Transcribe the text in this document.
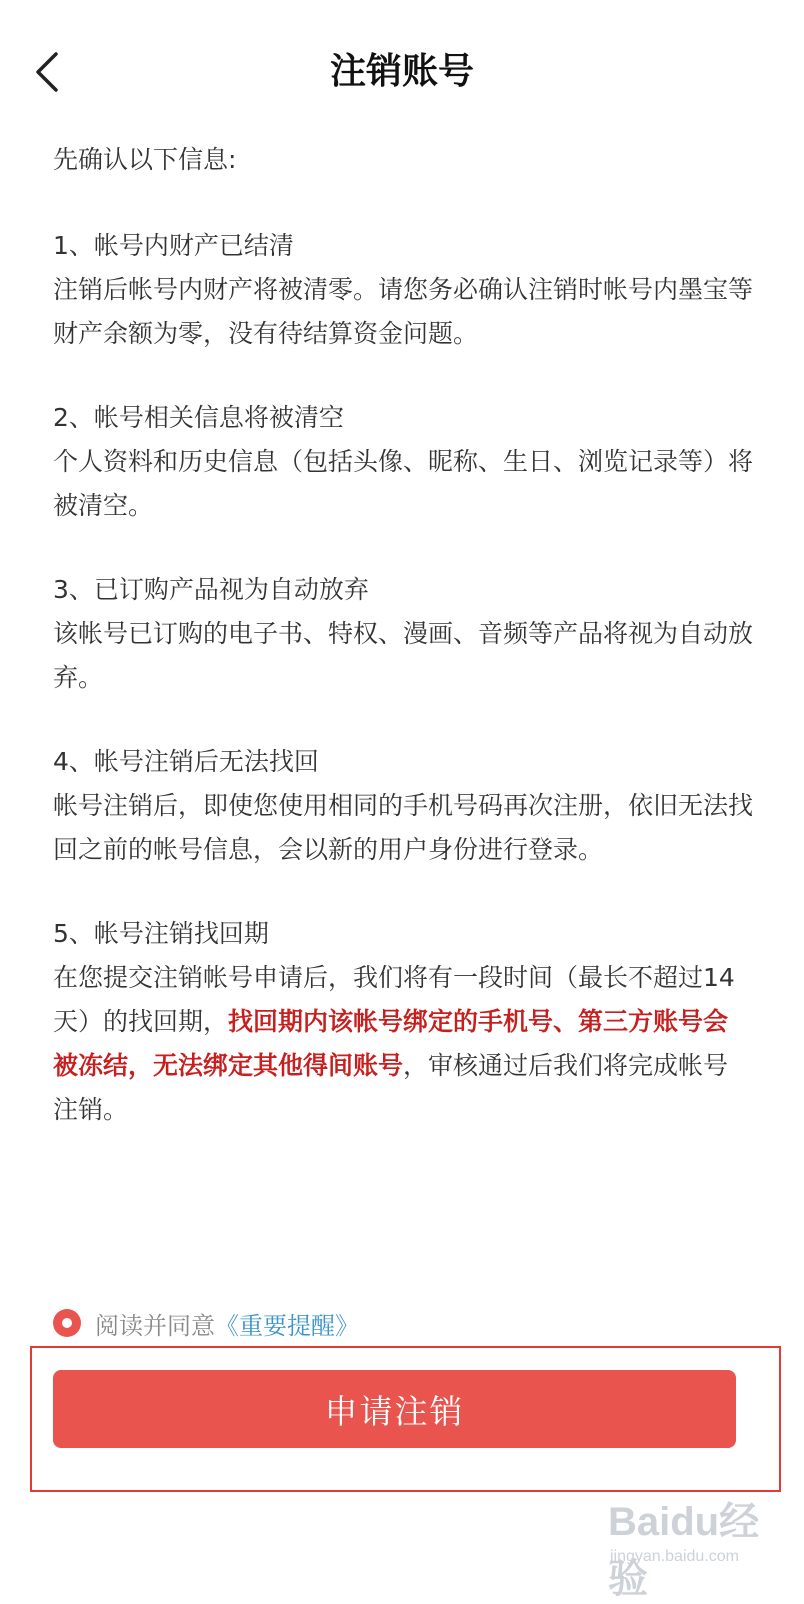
注销账号
先确认以下信息:
1、帐号内财产已结清
注销后帐号内财产将被清零。请您务必确认注销时帐号内墨宝等财产余额为零，没有待结算资金问题。
2、帐号相关信息将被清空
个人资料和历史信息（包括头像、昵称、生日、浏览记录等）将被清空。
3、已订购产品视为自动放弃
该帐号已订购的电子书、特权、漫画、音频等产品将视为自动放弃。
4、帐号注销后无法找回
帐号注销后，即使您使用相同的手机号码再次注册，依旧无法找回之前的帐号信息，会以新的用户身份进行登录。
5、帐号注销找回期
在您提交注销帐号申请后，我们将有一段时间（最长不超过14天）的找回期，找回期内该帐号绑定的手机号、第三方账号会被冻结，无法绑定其他得间账号，审核通过后我们将完成帐号注销。
阅读并同意 《重要提醒》
申请注销
Baidu经验
jingyan.baidu.com
